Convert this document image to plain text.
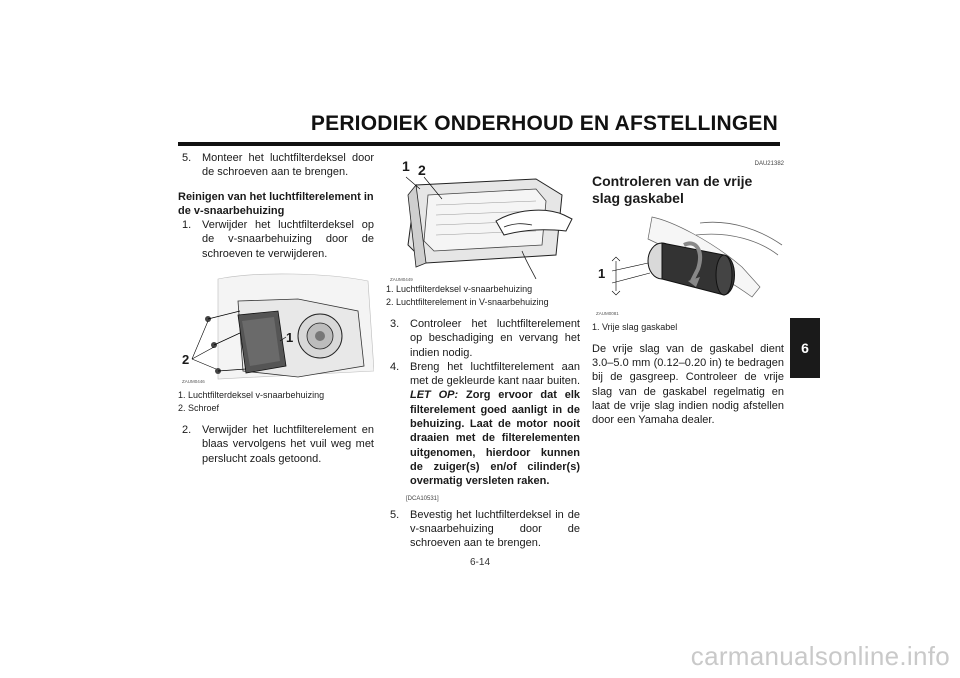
PERIODIEK ONDERHOUD EN AFSTELLINGEN
6
5. Monteer het luchtfilterdeksel door de schroeven aan te brengen.
Reinigen van het luchtfilterelement in de v-snaarbehuizing
1. Verwijder het luchtfilterdeksel op de v-snaarbehuizing door de schroeven te verwijderen.
1
2
ZAUM0446
1. Luchtfilterdeksel v-snaarbehuizing
2. Schroef
2. Verwijder het luchtfilterelement en blaas vervolgens het vuil weg met perslucht zoals getoond.
1 2
ZAUM0449
1. Luchtfilterdeksel v-snaarbehuizing
2. Luchtfilterelement in V-snaarbehuizing
3. Controleer het luchtfilterelement op beschadiging en vervang het indien nodig.
4. Breng het luchtfilterelement aan met de gekleurde kant naar buiten. LET OP: Zorg ervoor dat elk filterelement goed aanligt in de behuizing. Laat de motor nooit draaien met de filterelementen uitgenomen, hierdoor kunnen de zuiger(s) en/of cilinder(s) overmatig versleten raken.
[DCA10531]
5. Bevestig het luchtfilterdeksel in de v-snaarbehuizing door de schroeven aan te brengen.
DAU21382
Controleren van de vrije slag gaskabel
1
ZAUM0081
1. Vrije slag gaskabel
De vrije slag van de gaskabel dient 3.0–5.0 mm (0.12–0.20 in) te bedragen bij de gasgreep. Controleer de vrije slag van de gaskabel regelmatig en laat de vrije slag indien nodig afstellen door een Yamaha dealer.
6-14
carmanualsonline.info
